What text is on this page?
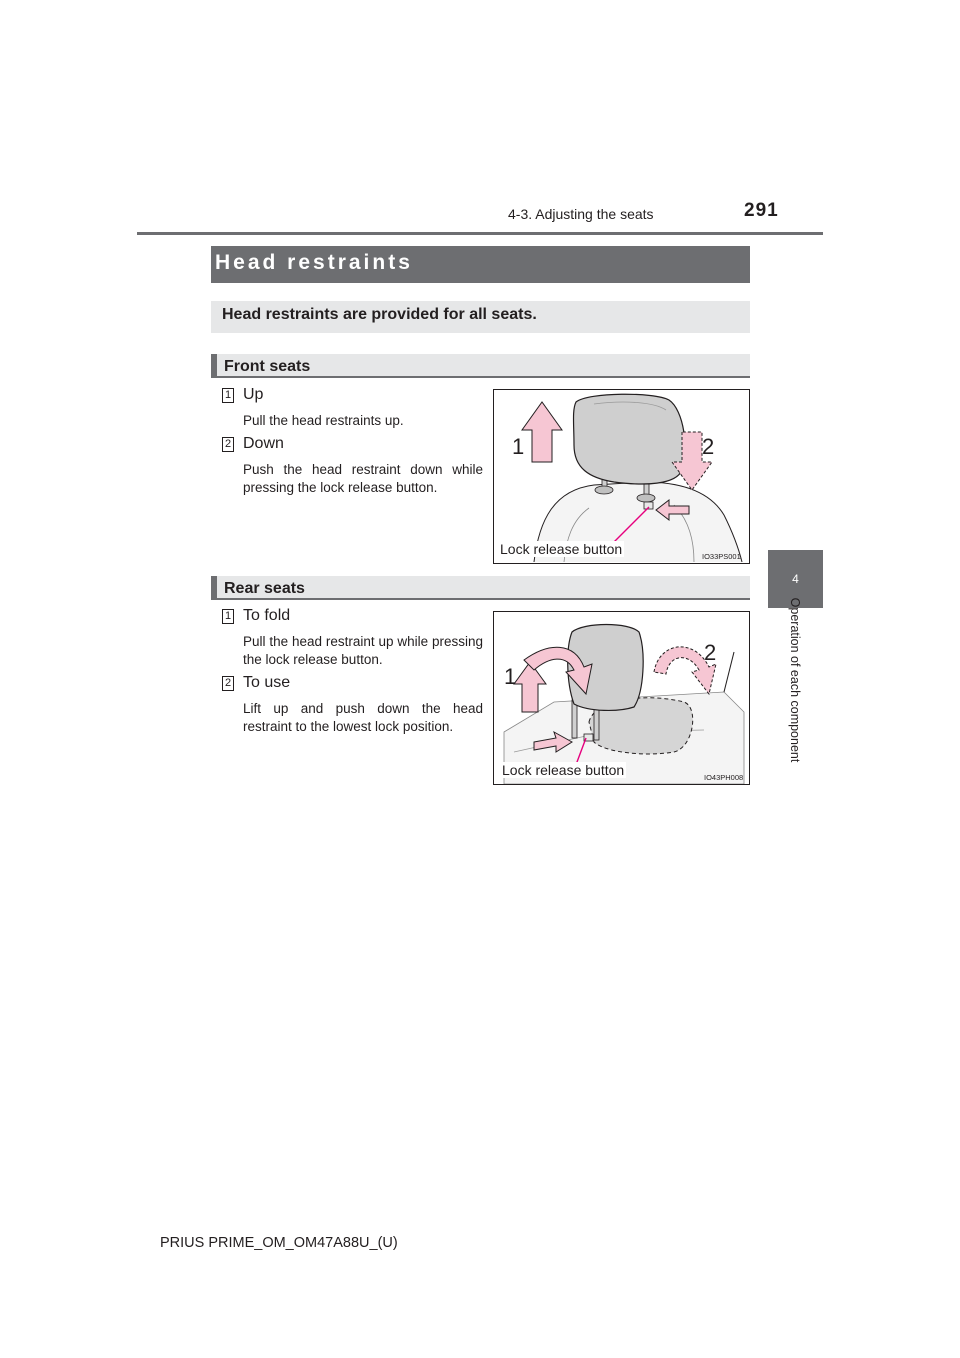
4-3. Adjusting the seats	291
4
Operation of each component
Head restraints
Head restraints are provided for all seats.
Front seats
1 Up
Pull the head restraints up.
2 Down
Push the head restraint down while pressing the lock release button.
1	2
Lock release button	IO33PS001
Rear seats
1 To fold
Pull the head restraint up while pressing the lock release button.
2 To use
Lift up and push down the head restraint to the lowest lock position.
1
2
Lock release button	IO43PH008
PRIUS PRIME_OM_OM47A88U_(U)
